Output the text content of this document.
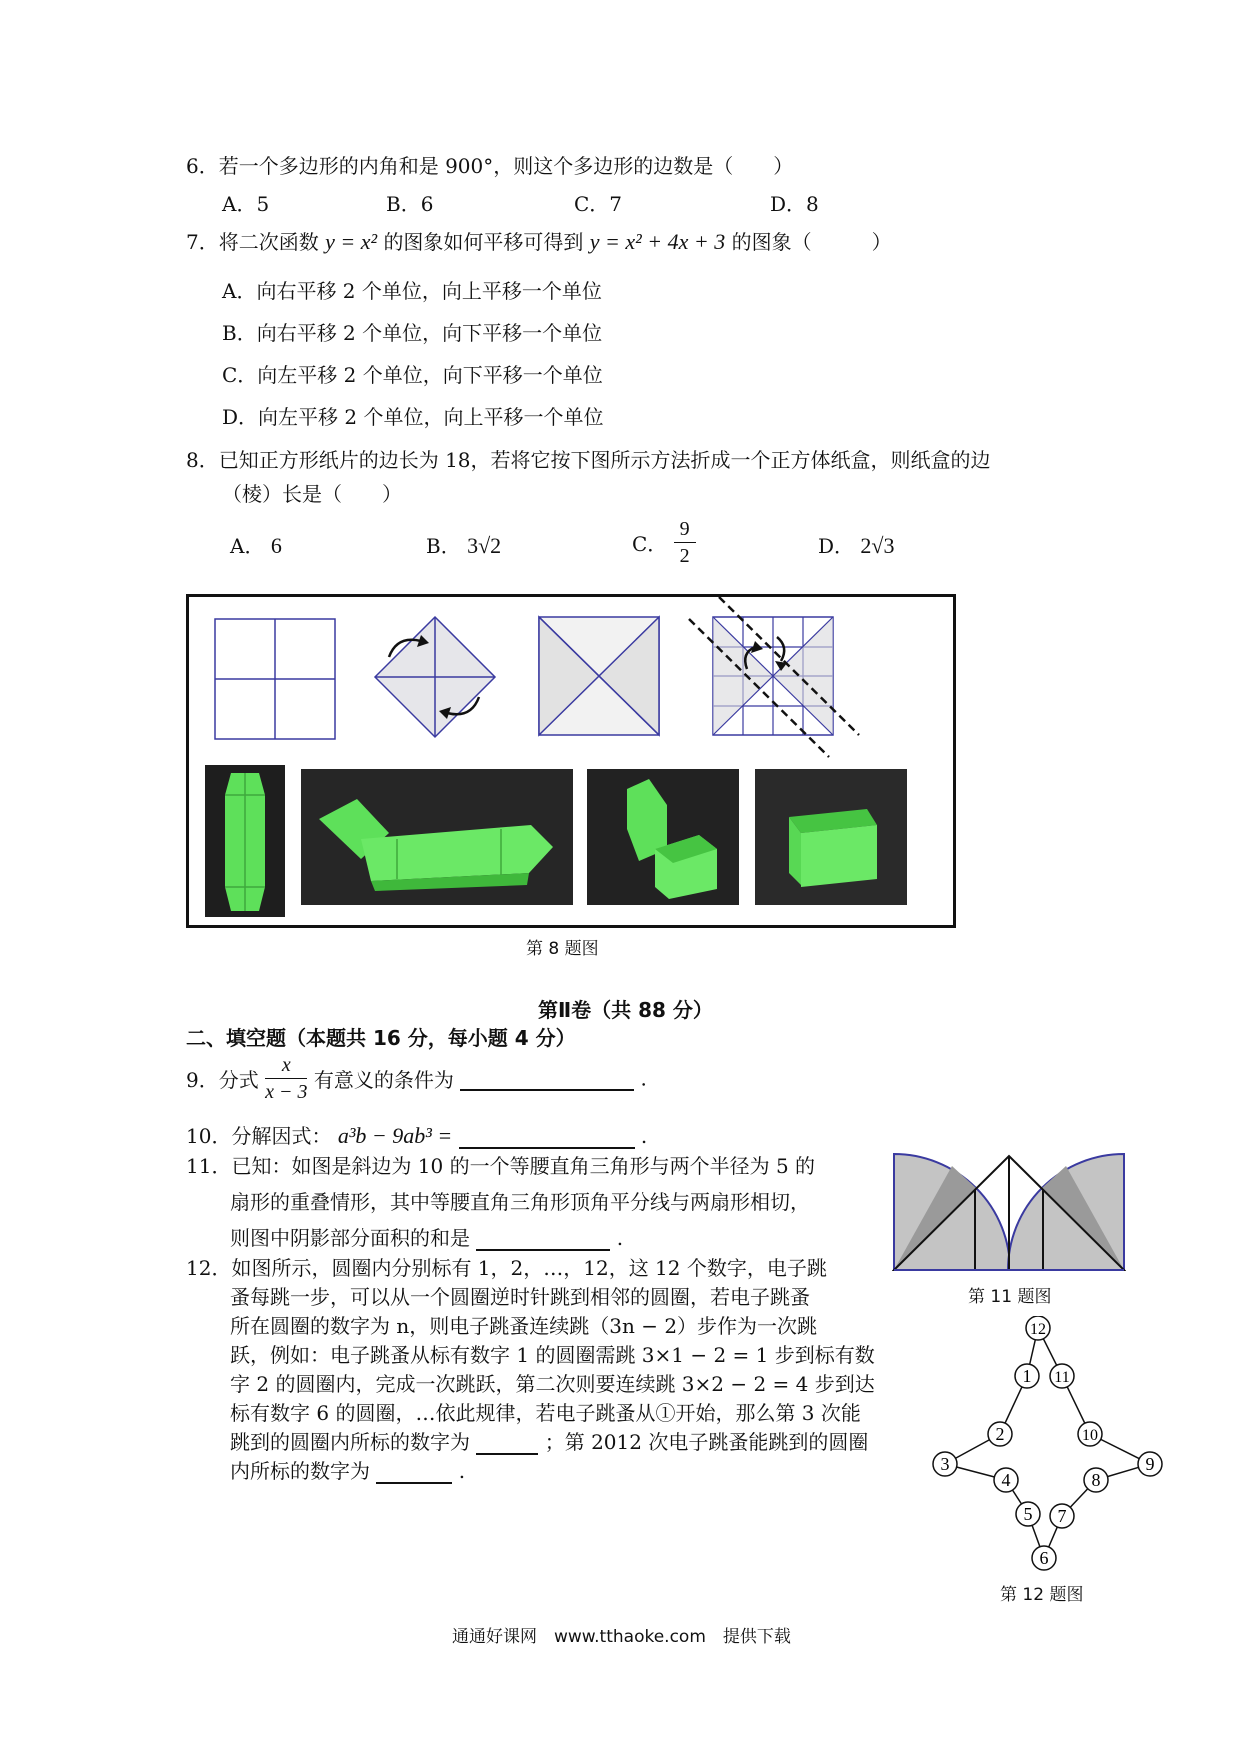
6．若一个多边形的内角和是 900°，则这个多边形的边数是（　　）
A．5	B．6	C．7	D．8
7．将二次函数 y = x² 的图象如何平移可得到 y = x² + 4x + 3 的图象（　　　）
A．向右平移 2 个单位，向上平移一个单位
B．向右平移 2 个单位，向下平移一个单位
C．向左平移 2 个单位，向下平移一个单位
D．向左平移 2 个单位，向上平移一个单位
8．已知正方形纸片的边长为 18，若将它按下图所示方法折成一个正方体纸盒，则纸盒的边
（棱）长是（　　）
A． 6	B． 3√2	C． $\frac{9}{2}$	D． 2√3
第 8 题图
第Ⅱ卷（共 88 分）
二、填空题（本题共 16 分，每小题 4 分）
9．分式 $\frac{x}{x - 3}$ 有意义的条件为	.
10．分解因式： a³b − 9ab³ =	.
11．已知：如图是斜边为 10 的一个等腰直角三角形与两个半径为 5 的
扇形的重叠情形，其中等腰直角三角形顶角平分线与两扇形相切，
则图中阴影部分面积的和是	.
第 11 题图
12．如图所示，圆圈内分别标有 1，2，…，12，这 12 个数字，电子跳
蚤每跳一步，可以从一个圆圈逆时针跳到相邻的圆圈，若电子跳蚤
所在圆圈的数字为 n，则电子跳蚤连续跳（3n − 2）步作为一次跳
跃，例如：电子跳蚤从标有数字 1 的圆圈需跳 3×1 − 2 = 1 步到标有数
字 2 的圆圈内，完成一次跳跃，第二次则要连续跳 3×2 − 2 = 4 步到达
标有数字 6 的圆圈，…依此规律，若电子跳蚤从①开始，那么第 3 次能
跳到的圆圈内所标的数字为	；第 2012 次电子跳蚤能跳到的圆圈
内所标的数字为	.
12
1 11
2	10
3	9
4	8
5 7
6
第 12 题图
通通好课网　www.tthaoke.com　提供下载
